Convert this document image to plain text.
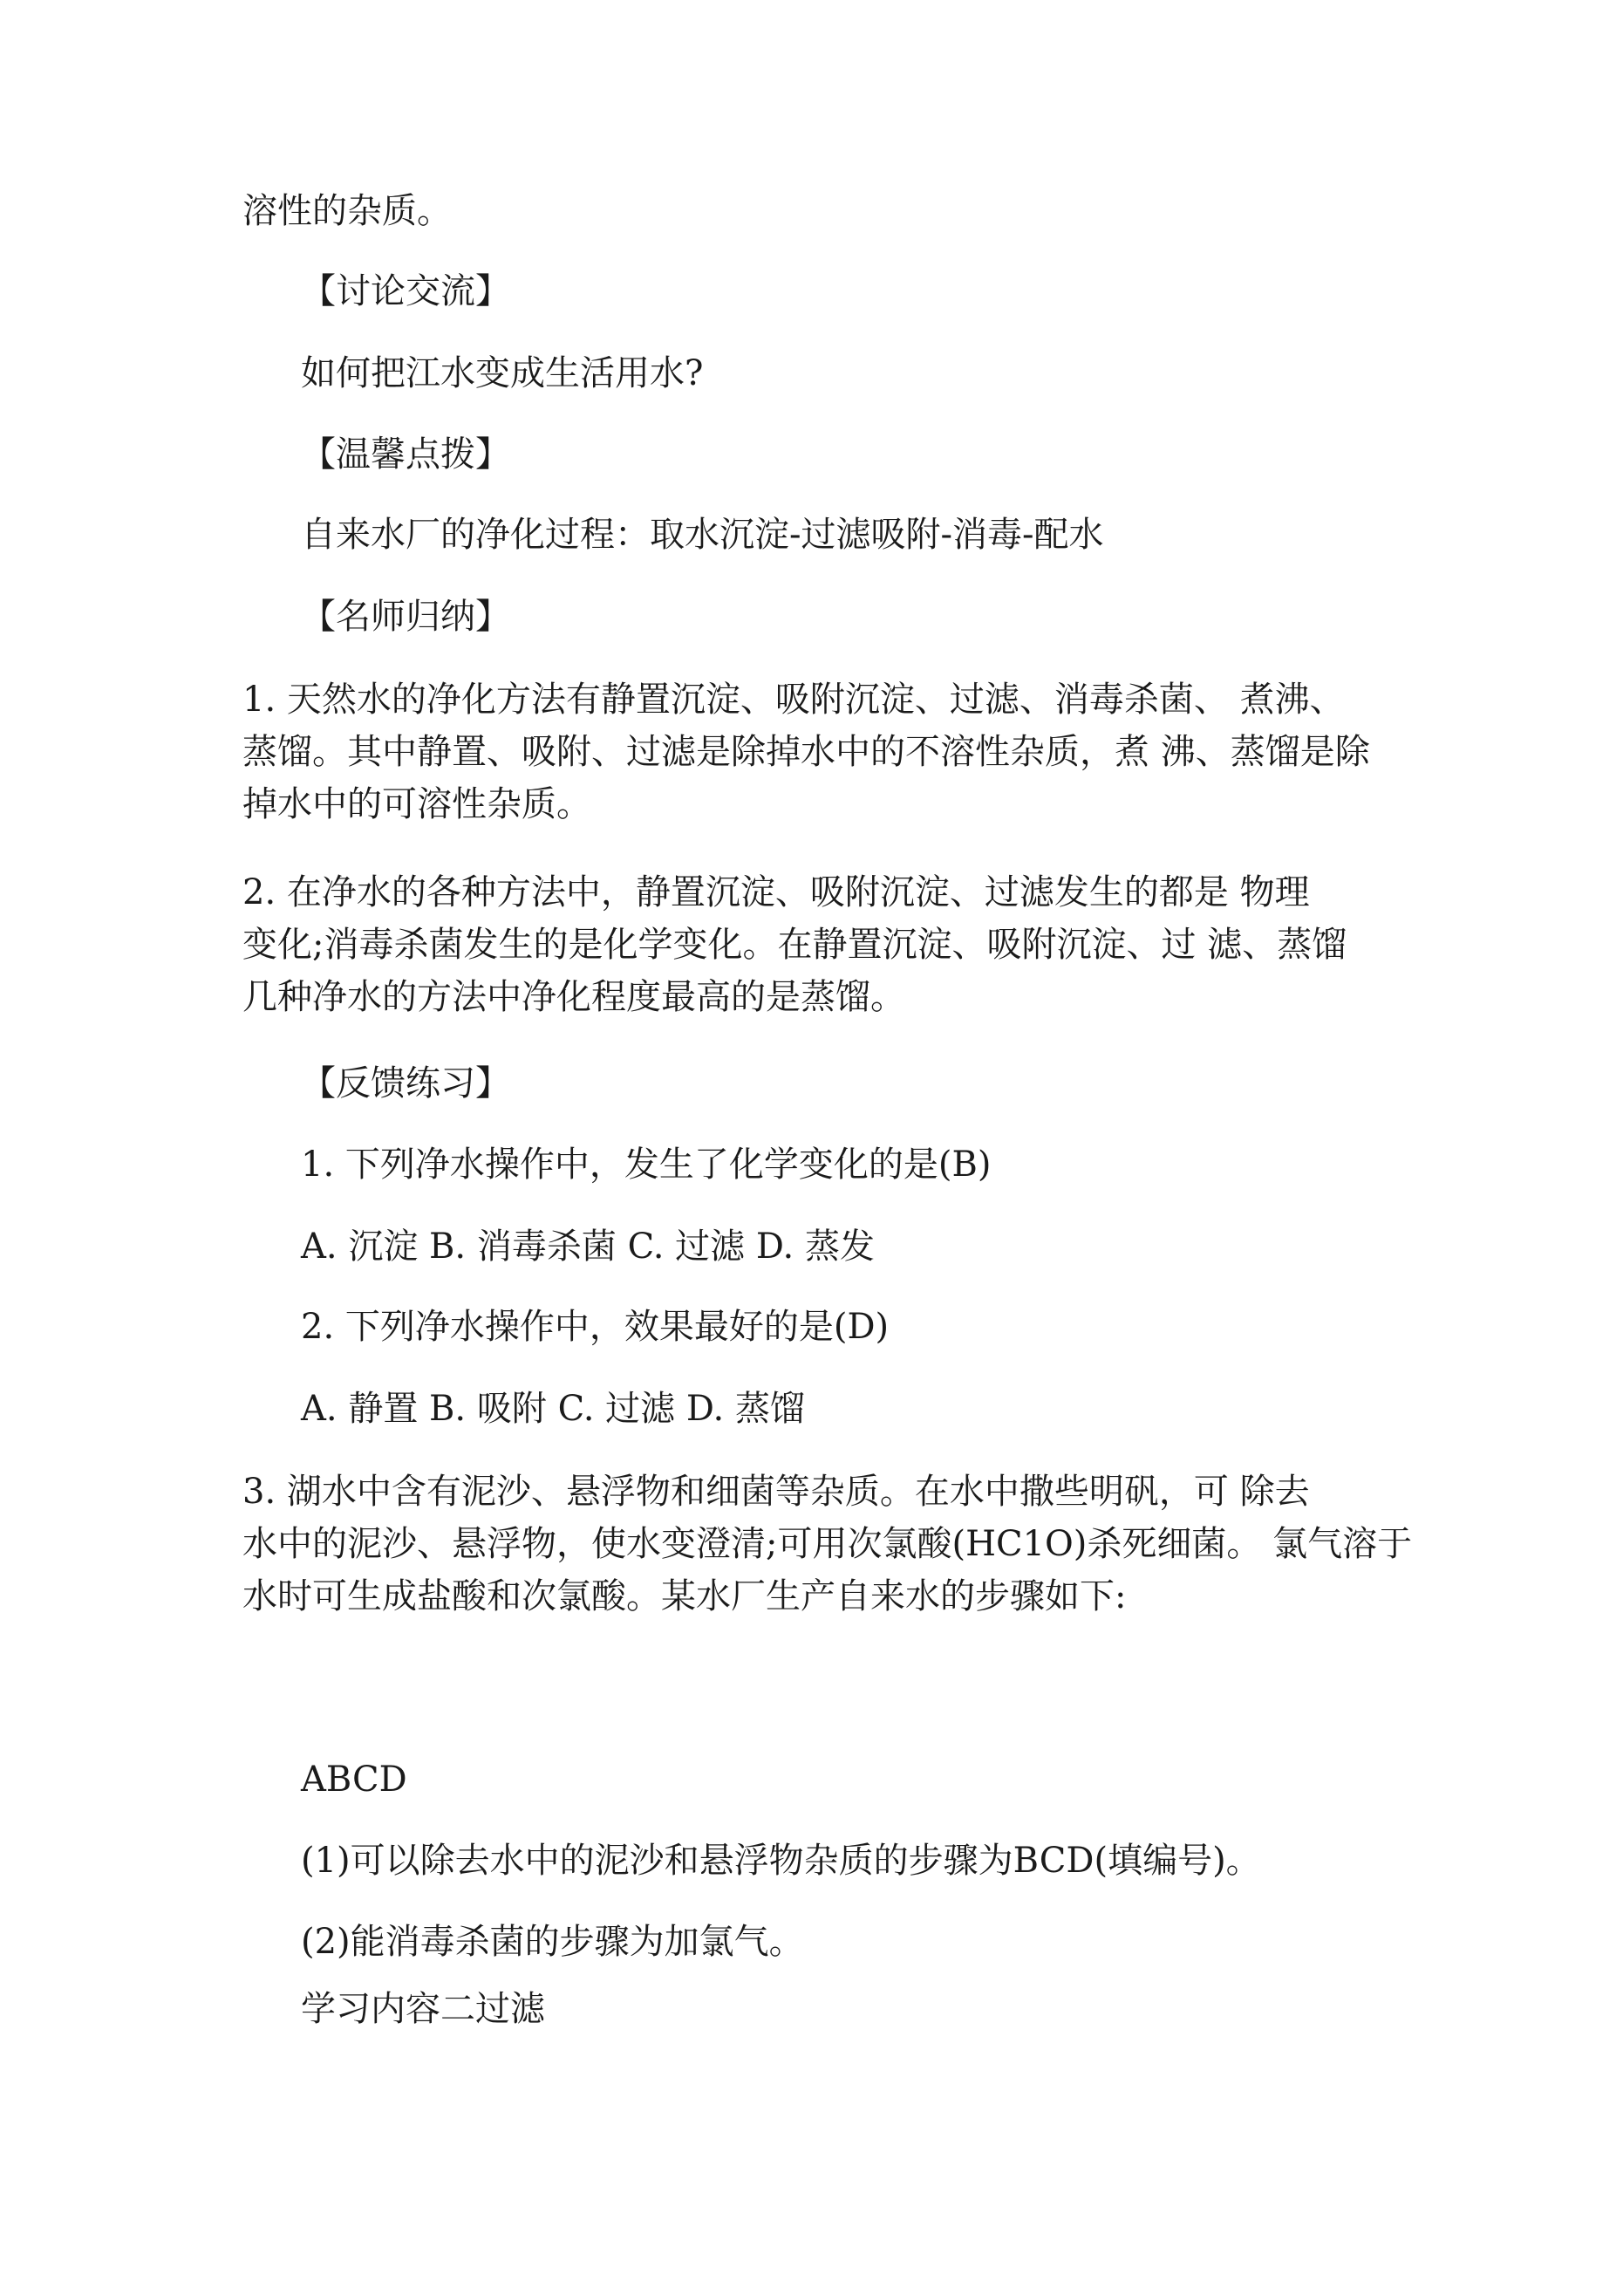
溶性的杂质。
【讨论交流】
如何把江水变成生活用水?
【温馨点拨】
自来水厂的净化过程：取水沉淀-过滤吸附-消毒-配水
【名师归纳】
1. 天然水的净化方法有静置沉淀、吸附沉淀、过滤、消毒杀菌、 煮沸、
蒸馏。其中静置、吸附、过滤是除掉水中的不溶性杂质，煮 沸、蒸馏是除
掉水中的可溶性杂质。
2. 在净水的各种方法中，静置沉淀、吸附沉淀、过滤发生的都是 物理
变化;消毒杀菌发生的是化学变化。在静置沉淀、吸附沉淀、过 滤、蒸馏
几种净水的方法中净化程度最高的是蒸馏。
【反馈练习】
1. 下列净水操作中，发生了化学变化的是(B)
A. 沉淀 B. 消毒杀菌 C. 过滤 D. 蒸发
2. 下列净水操作中，效果最好的是(D)
A. 静置 B. 吸附 C. 过滤 D. 蒸馏
3. 湖水中含有泥沙、悬浮物和细菌等杂质。在水中撒些明矾，可 除去
水中的泥沙、悬浮物，使水变澄清;可用次氯酸(HC1O)杀死细菌。 氯气溶于
水时可生成盐酸和次氯酸。某水厂生产自来水的步骤如下:
ABCD
(1)可以除去水中的泥沙和悬浮物杂质的步骤为BCD(填编号)。
(2)能消毒杀菌的步骤为加氯气。
学习内容二过滤
